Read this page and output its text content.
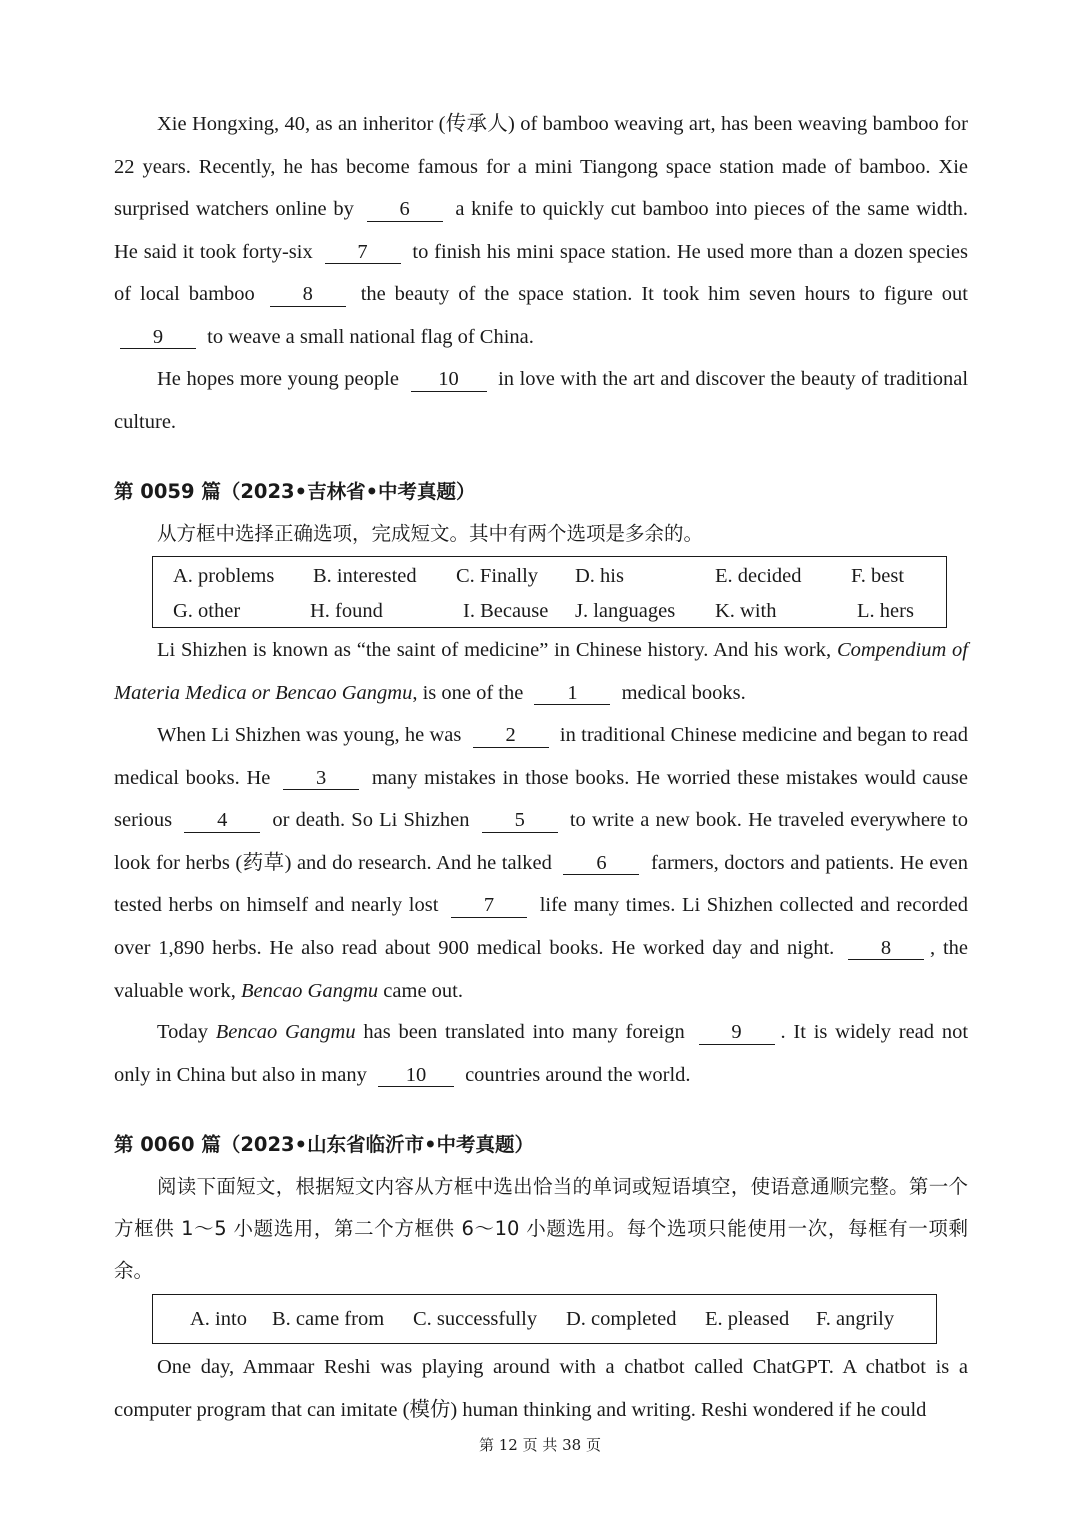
Xie Hongxing, 40, as an inheritor (传承人) of bamboo weaving art, has been weaving bamboo for 22 years. Recently, he has become famous for a mini Tiangong space station made of bamboo. Xie surprised watchers online by 6 a knife to quickly cut bamboo into pieces of the same width. He said it took forty-six 7 to finish his mini space station. He used more than a dozen species of local bamboo 8 the beauty of the space station. It took him seven hours to figure out 9 to weave a small national flag of China.

He hopes more young people 10 in love with the art and discover the beauty of traditional culture.

第 0059 篇（2023•吉林省•中考真题）

从方框中选择正确选项，完成短文。其中有两个选项是多余的。

A. problems B. interested C. Finally D. his	E. decided F. best
G. other	H. found	I. Because J. languages K. with	L. hers

Li Shizhen is known as “the saint of medicine” in Chinese history. And his work, Compendium of Materia Medica or Bencao Gangmu, is one of the 1 medical books.

When Li Shizhen was young, he was 2 in traditional Chinese medicine and began to read medical books. He 3 many mistakes in those books. He worried these mistakes would cause serious 4 or death. So Li Shizhen 5 to write a new book. He traveled everywhere to look for herbs (药草) and do research. And he talked 6 farmers, doctors and patients. He even tested herbs on himself and nearly lost 7 life many times. Li Shizhen collected and recorded over 1,890 herbs. He also read about 900 medical books. He worked day and night. 8 , the valuable work, Bencao Gangmu came out.

Today Bencao Gangmu has been translated into many foreign 9 . It is widely read not only in China but also in many 10 countries around the world.

第 0060 篇（2023•山东省临沂市•中考真题）

阅读下面短文，根据短文内容从方框中选出恰当的单词或短语填空，使语意通顺完整。第一个方框供 1～5 小题选用，第二个方框供 6～10 小题选用。每个选项只能使用一次，每框有一项剩余。

A. into B. came from C. successfully D. completed E. pleased F. angrily

One day, Ammaar Reshi was playing around with a chatbot called ChatGPT. A chatbot is a computer program that can imitate (模仿) human thinking and writing. Reshi wondered if he could

第 12 页 共 38 页
